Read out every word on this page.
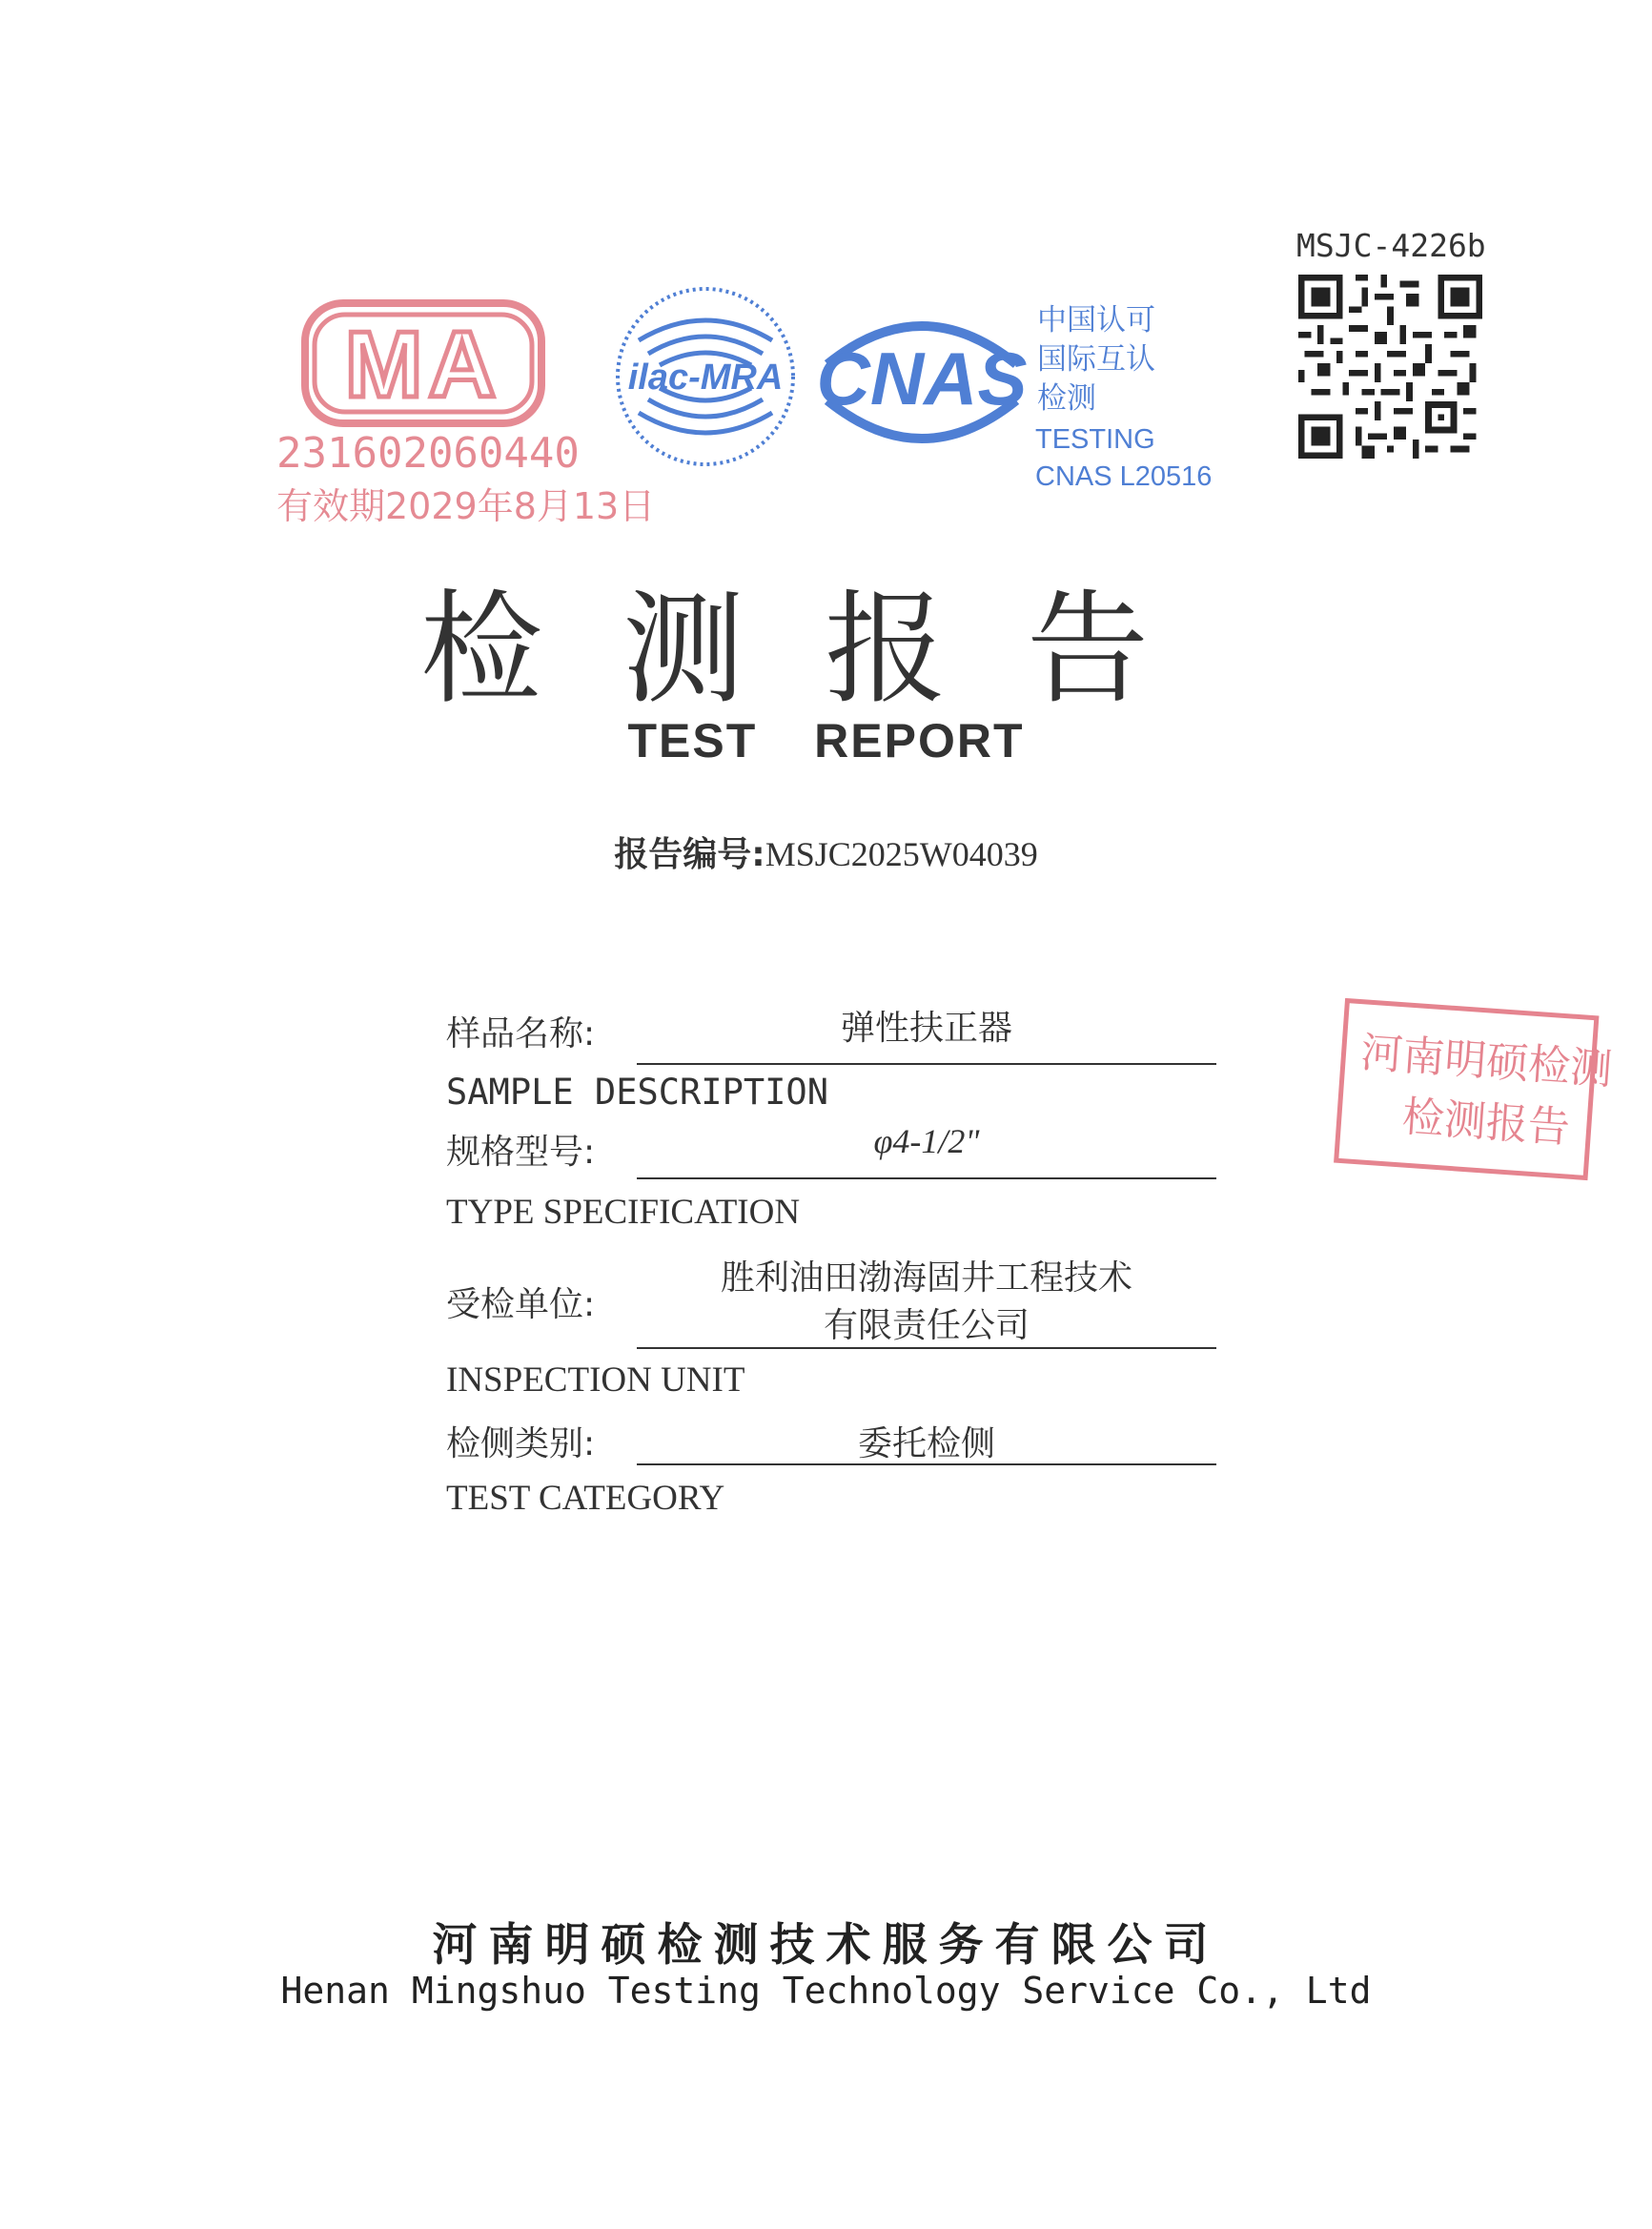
MSJC-4226b
MA
231602060440
有效期2029年8月13日
ilac-MRA CNAS
中国认可
国际互认
检测
TESTING
CNAS L20516
检测报告
TEST REPORT
报告编号:MSJC2025W04039
样品名称:	弹性扶正器
SAMPLE DESCRIPTION
规格型号:	φ4-1/2"
TYPE SPECIFICATION
受检单位:
胜利油田渤海固井工程技术
有限责任公司
INSPECTION UNIT
检侧类别:	委托检侧
TEST CATEGORY
河南明硕检测
检测报告
河南明硕检测技术服务有限公司
Henan Mingshuo Testing Technology Service Co., Ltd
